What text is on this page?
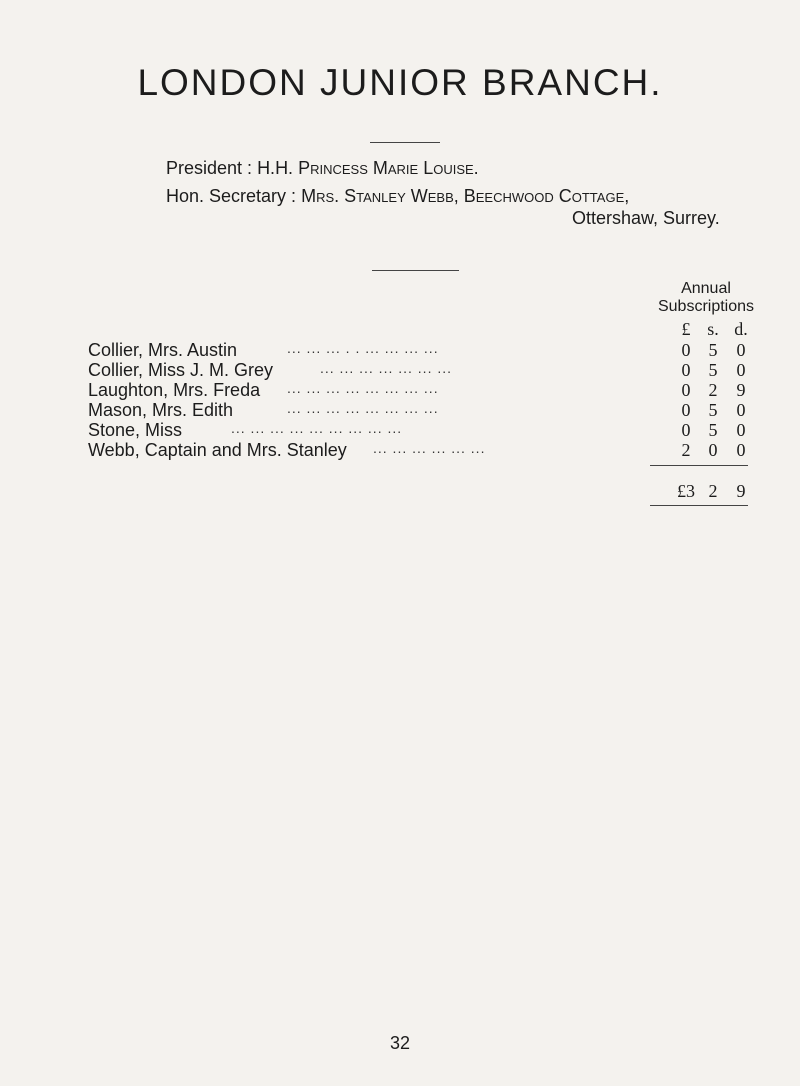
LONDON JUNIOR BRANCH.
President : H.H. Princess Marie Louise.
Hon. Secretary : Mrs. Stanley Webb, Beechwood Cottage,
Ottershaw, Surrey.
Annual
Subscriptions
£ s. d.
Collier, Mrs. Austin	... ... ... . . ... ... ... ...	0	5	0
Collier, Miss J. M. Grey	... ... ... ... ... ... ...	0	5	0
Laughton, Mrs. Freda ... ... ... ... ... ... ... ...	0	2	9
Mason, Mrs. Edith	... ... ... ... ... ... ... ...	0	5	0
Stone, Miss	... ... ... ... ... ... ... ... ...	0	5	0
Webb, Captain and Mrs. Stanley ... ... ... ... ... ...	2	0	0
£3 2	9
32
